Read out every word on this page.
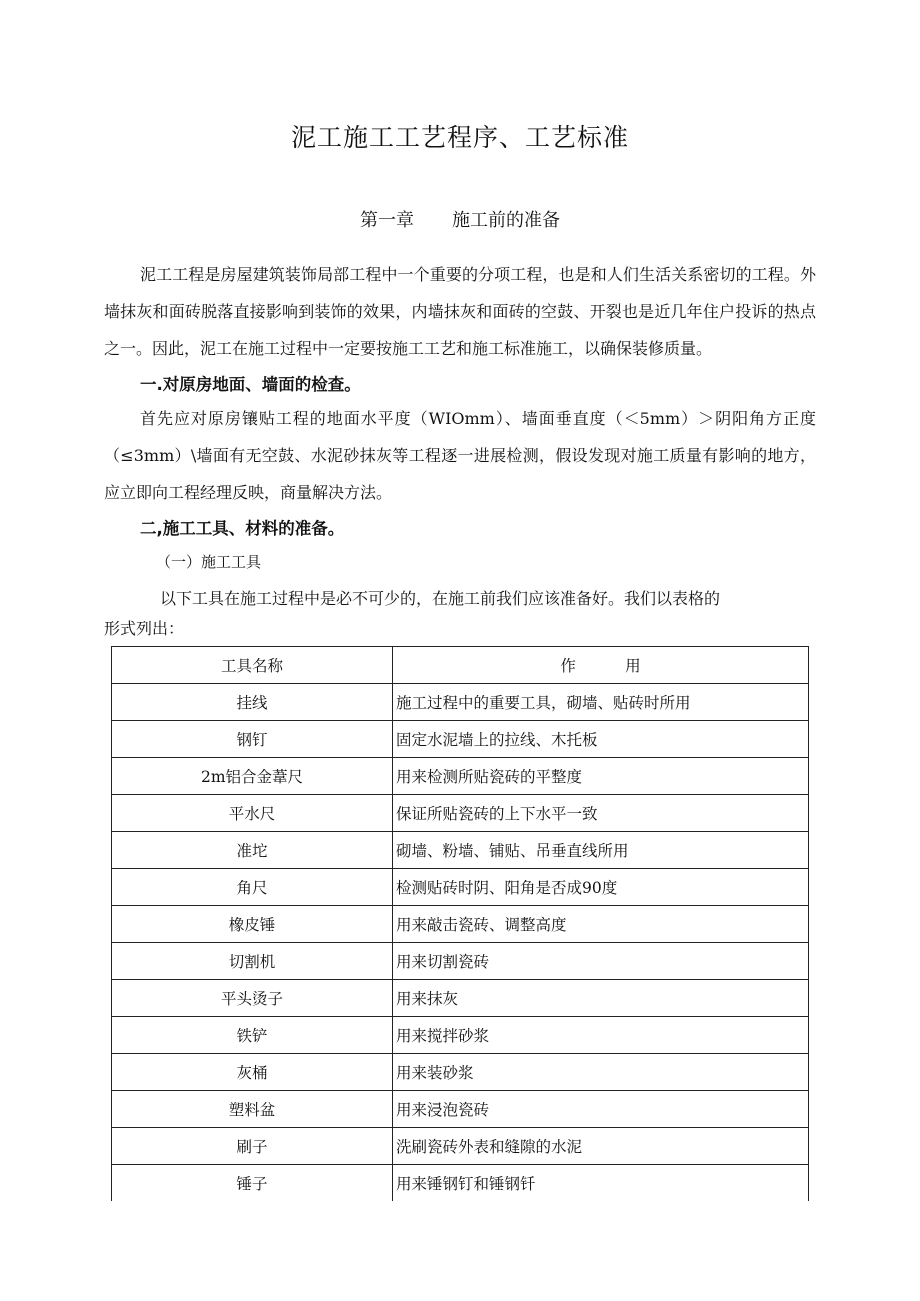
泥工施工工艺程序、工艺标准
第一章 施工前的准备
泥工工程是房屋建筑装饰局部工程中一个重要的分项工程，也是和人们生活关系密切的工程。外墙抹灰和面砖脱落直接影响到装饰的效果，内墙抹灰和面砖的空鼓、开裂也是近几年住户投诉的热点之一。因此，泥工在施工过程中一定要按施工工艺和施工标准施工，以确保装修质量。
一.对原房地面、墙面的检查。
首先应对原房镶贴工程的地面水平度（WIOmm）、墙面垂直度（＜5mm）＞阴阳角方正度（≤3mm）\墙面有无空鼓、水泥砂抹灰等工程逐一进展检测，假设发现对施工质量有影响的地方，应立即向工程经理反映，商量解决方法。
二,施工工具、材料的准备。
（一）施工工具
以下工具在施工过程中是必不可少的，在施工前我们应该准备好。我们以表格的
形式列出：
工具名称	作          用
挂线	施工过程中的重要工具，砌墙、贴砖时所用
钢钉	固定水泥墙上的拉线、木托板
2m铝合金葦尺	用来检测所贴瓷砖的平整度
平水尺	保证所贴瓷砖的上下水平一致
准坨	砌墙、粉墙、铺贴、吊垂直线所用
角尺	检测贴砖时阴、阳角是否成90度
橡皮锤	用来敲击瓷砖、调整高度
切割机	用来切割瓷砖
平头烫子	用来抹灰
铁铲	用来搅拌砂浆
灰桶	用来装砂浆
塑料盆	用来浸泡瓷砖
刷子	洗刷瓷砖外表和缝隙的水泥
锤子	用来锤钢钉和锤钢钎
